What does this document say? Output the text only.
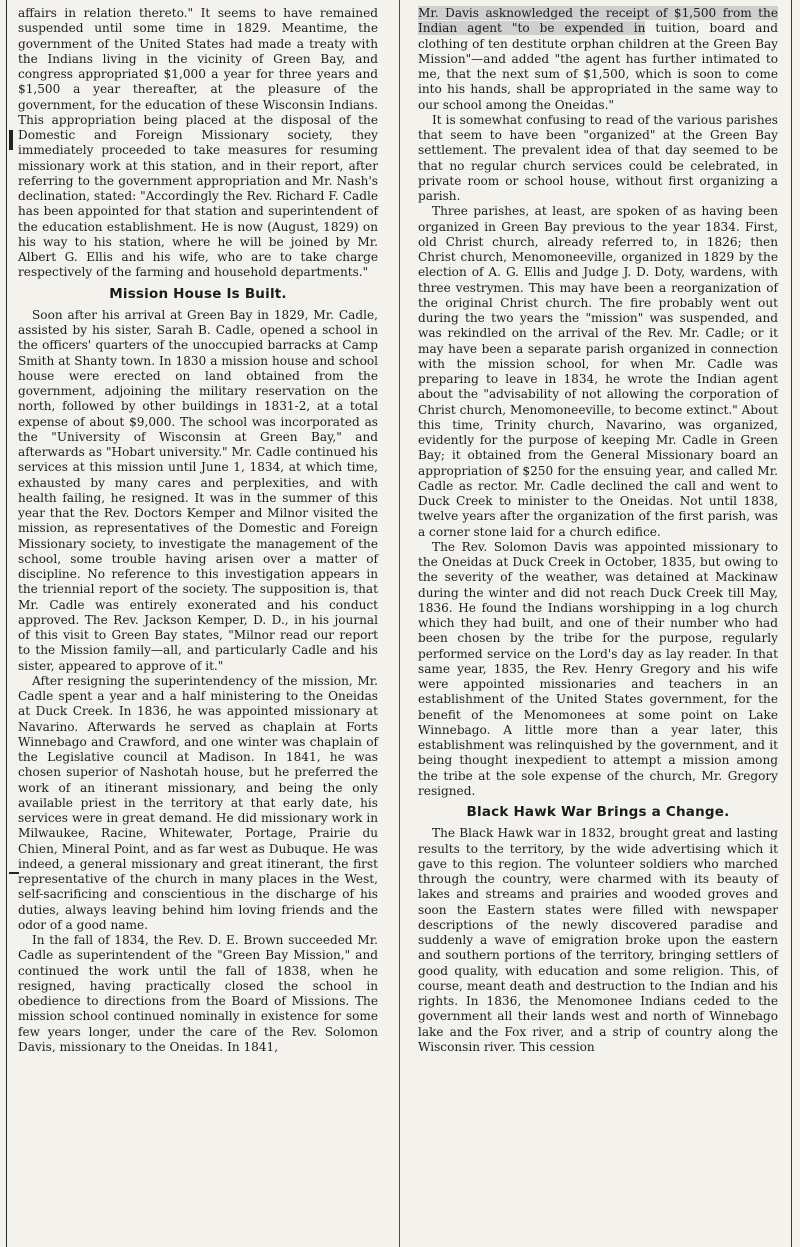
affairs in relation thereto." It seems to have remained suspended until some time in 1829. Meantime, the government of the United States had made a treaty with the Indians living in the vicinity of Green Bay, and congress appropriated $1,000 a year for three years and $1,500 a year thereafter, at the pleasure of the government, for the education of these Wisconsin Indians. This appropriation being placed at the disposal of the Domestic and Foreign Missionary society, they immediately proceeded to take measures for resuming missionary work at this station, and in their report, after referring to the government appropriation and Mr. Nash's declination, stated: "Accordingly the Rev. Richard F. Cadle has been appointed for that station and superintendent of the education establishment. He is now (August, 1829) on his way to his station, where he will be joined by Mr. Albert G. Ellis and his wife, who are to take charge respectively of the farming and household departments."

Mission House Is Built.

Soon after his arrival at Green Bay in 1829, Mr. Cadle, assisted by his sister, Sarah B. Cadle, opened a school in the officers' quarters of the unoccupied barracks at Camp Smith at Shanty town. In 1830 a mission house and school house were erected on land obtained from the government, adjoining the military reservation on the north, followed by other buildings in 1831-2, at a total expense of about $9,000. The school was incorporated as the "University of Wisconsin at Green Bay," and afterwards as "Hobart university." Mr. Cadle continued his services at this mission until June 1, 1834, at which time, exhausted by many cares and perplexities, and with health failing, he resigned. It was in the summer of this year that the Rev. Doctors Kemper and Milnor visited the mission, as representatives of the Domestic and Foreign Missionary society, to investigate the management of the school, some trouble having arisen over a matter of discipline. No reference to this investigation appears in the triennial report of the society. The supposition is, that Mr. Cadle was entirely exonerated and his conduct approved. The Rev. Jackson Kemper, D. D., in his journal of this visit to Green Bay states, "Milnor read our report to the Mission family—all, and particularly Cadle and his sister, appeared to approve of it."

After resigning the superintendency of the mission, Mr. Cadle spent a year and a half ministering to the Oneidas at Duck Creek. In 1836, he was appointed missionary at Navarino. Afterwards he served as chaplain at Forts Winnebago and Crawford, and one winter was chaplain of the Legislative council at Madison. In 1841, he was chosen superior of Nashotah house, but he preferred the work of an itinerant missionary, and being the only available priest in the territory at that early date, his services were in great demand. He did missionary work in Milwaukee, Racine, Whitewater, Portage, Prairie du Chien, Mineral Point, and as far west as Dubuque. He was indeed, a general missionary and great itinerant, the first representative of the church in many places in the West, self-sacrificing and conscientious in the discharge of his duties, always leaving behind him loving friends and the odor of a good name.

In the fall of 1834, the Rev. D. E. Brown succeeded Mr. Cadle as superintendent of the "Green Bay Mission," and continued the work until the fall of 1838, when he resigned, having practically closed the school in obedience to directions from the Board of Missions. The mission school continued nominally in existence for some few years longer, under the care of the Rev. Solomon Davis, missionary to the Oneidas. In 1841,

Mr. Davis asknowledged the receipt of $1,500 from the Indian agent "to be expended in tuition, board and clothing of ten destitute orphan children at the Green Bay Mission"—and added "the agent has further intimated to me, that the next sum of $1,500, which is soon to come into his hands, shall be appropriated in the same way to our school among the Oneidas."

It is somewhat confusing to read of the various parishes that seem to have been "organized" at the Green Bay settlement. The prevalent idea of that day seemed to be that no regular church services could be celebrated, in private room or school house, without first organizing a parish.

Three parishes, at least, are spoken of as having been organized in Green Bay previous to the year 1834. First, old Christ church, already referred to, in 1826; then Christ church, Menomoneeville, organized in 1829 by the election of A. G. Ellis and Judge J. D. Doty, wardens, with three vestrymen. This may have been a reorganization of the original Christ church. The fire probably went out during the two years the "mission" was suspended, and was rekindled on the arrival of the Rev. Mr. Cadle; or it may have been a separate parish organized in connection with the mission school, for when Mr. Cadle was preparing to leave in 1834, he wrote the Indian agent about the "advisability of not allowing the corporation of Christ church, Menomoneeville, to become extinct." About this time, Trinity church, Navarino, was organized, evidently for the purpose of keeping Mr. Cadle in Green Bay; it obtained from the General Missionary board an appropriation of $250 for the ensuing year, and called Mr. Cadle as rector. Mr. Cadle declined the call and went to Duck Creek to minister to the Oneidas. Not until 1838, twelve years after the organization of the first parish, was a corner stone laid for a church edifice.

The Rev. Solomon Davis was appointed missionary to the Oneidas at Duck Creek in October, 1835, but owing to the severity of the weather, was detained at Mackinaw during the winter and did not reach Duck Creek till May, 1836. He found the Indians worshipping in a log church which they had built, and one of their number who had been chosen by the tribe for the purpose, regularly performed service on the Lord's day as lay reader. In that same year, 1835, the Rev. Henry Gregory and his wife were appointed missionaries and teachers in an establishment of the United States government, for the benefit of the Menomonees at some point on Lake Winnebago. A little more than a year later, this establishment was relinquished by the government, and it being thought inexpedient to attempt a mission among the tribe at the sole expense of the church, Mr. Gregory resigned.

Black Hawk War Brings a Change.

The Black Hawk war in 1832, brought great and lasting results to the territory, by the wide advertising which it gave to this region. The volunteer soldiers who marched through the country, were charmed with its beauty of lakes and streams and prairies and wooded groves and soon the Eastern states were filled with newspaper descriptions of the newly discovered paradise and suddenly a wave of emigration broke upon the eastern and southern portions of the territory, bringing settlers of good quality, with education and some religion. This, of course, meant death and destruction to the Indian and his rights. In 1836, the Menomonee Indians ceded to the government all their lands west and north of Winnebago lake and the Fox river, and a strip of country along the Wisconsin river. This cession
